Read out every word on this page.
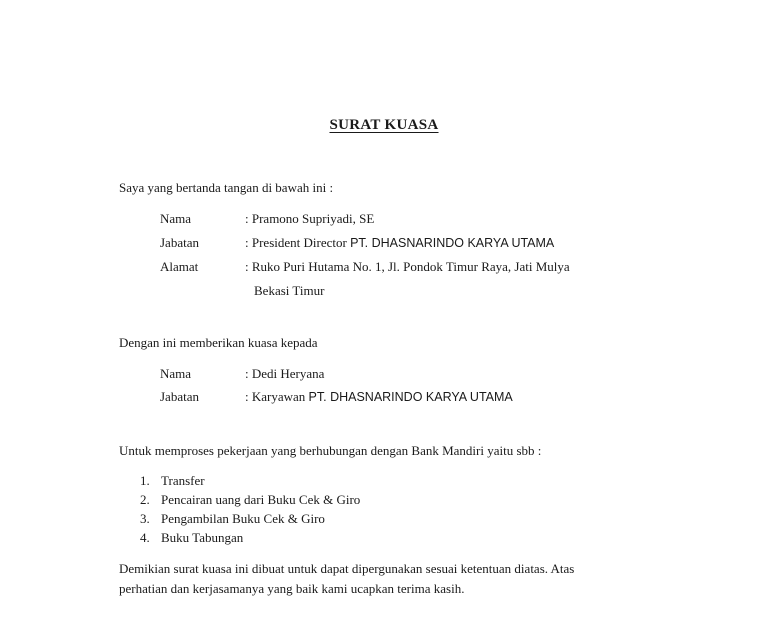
SURAT KUASA
Saya yang bertanda tangan di bawah ini :
Nama	: Pramono Supriyadi, SE
Jabatan	: President Director PT. DHASNARINDO KARYA UTAMA
Alamat	: Ruko Puri Hutama No. 1, Jl. Pondok Timur Raya, Jati Mulya
Bekasi Timur
Dengan ini memberikan kuasa kepada
Nama	: Dedi Heryana
Jabatan	: Karyawan PT. DHASNARINDO KARYA UTAMA
Untuk memproses pekerjaan yang berhubungan dengan Bank Mandiri yaitu sbb :
1. Transfer
2. Pencairan uang dari Buku Cek & Giro
3. Pengambilan Buku Cek & Giro
4. Buku Tabungan
Demikian surat kuasa ini dibuat untuk dapat dipergunakan sesuai ketentuan diatas. Atas
perhatian dan kerjasamanya yang baik kami ucapkan terima kasih.
